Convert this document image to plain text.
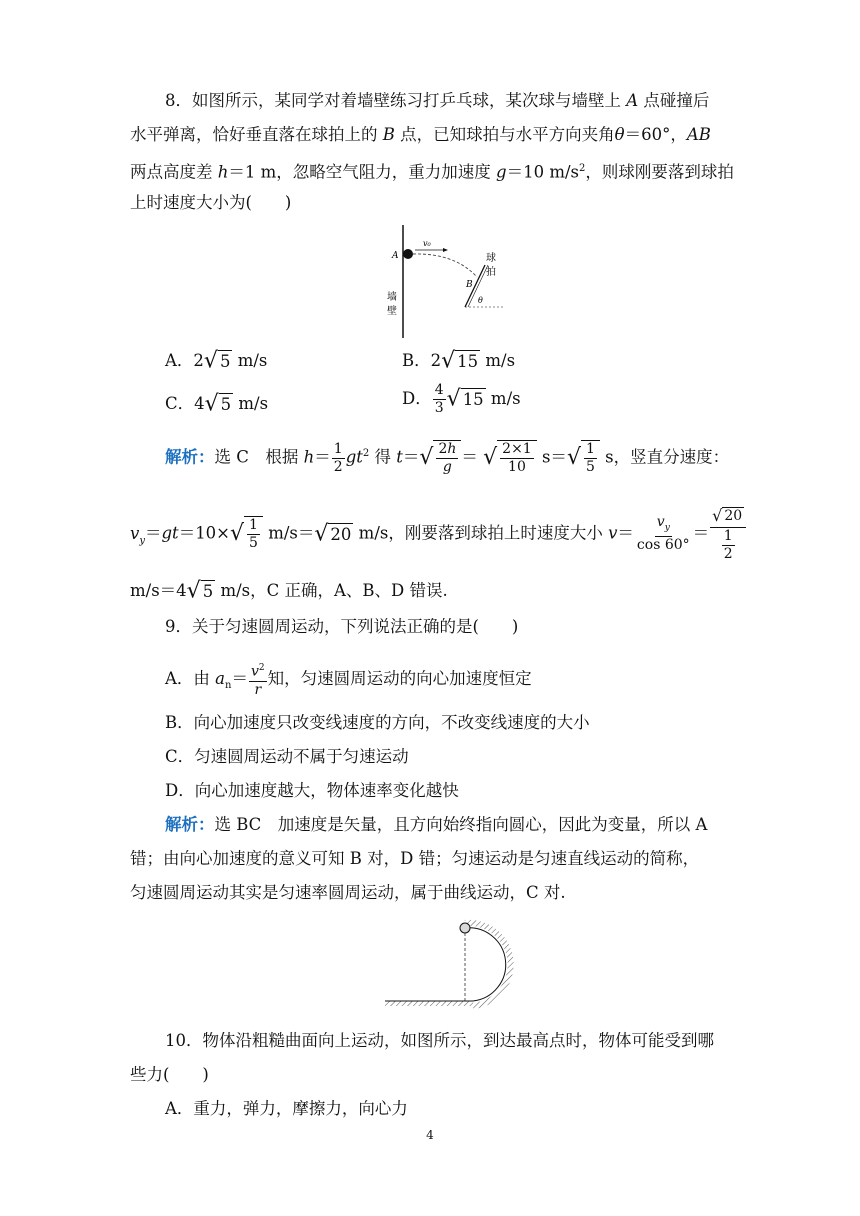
8．如图所示，某同学对着墙壁练习打乒乓球，某次球与墙壁上 A 点碰撞后
水平弹离，恰好垂直落在球拍上的 B 点，已知球拍与水平方向夹角θ＝60°，AB
两点高度差 h＝1 m，忽略空气阻力，重力加速度 g＝10 $m/s^2$，则球刚要落到球拍
上时速度大小为(　　)
A
v₀
B
θ
球
拍
墙
壁
A．2√ 5 m/s	B．2√ 15 m/s
C．4√ 5 m/s	D． $\frac{4}{3}$ √ 15 m/s
解析：选 C　根据 $h= \frac{1}{2} gt^2$ 得 $t=√ \frac{2h}{g}$ ＝ √ $\frac{2\times 1}{10} s=√ \frac{1}{5}$ s，竖直分速度：
$v_y=gt=10\times√ \frac{1}{5} m/s=√$ 20 m/s，刚要落到球拍上时速度大小 $v= \frac{v_y}{\cos 60^\circ} = \frac{√ 20}{\frac{1}{2}}$
m/s＝4√ 5 m/s，C 正确，A、B、D 错误.
9．关于匀速圆周运动，下列说法正确的是(　　)
A．由 $a_n= \frac{v^2}{r}$ 知，匀速圆周运动的向心加速度恒定
B．向心加速度只改变线速度的方向，不改变线速度的大小
C．匀速圆周运动不属于匀速运动
D．向心加速度越大，物体速率变化越快
解析：选 BC　加速度是矢量，且方向始终指向圆心，因此为变量，所以 A
错；由向心加速度的意义可知 B 对，D 错；匀速运动是匀速直线运动的简称，
匀速圆周运动其实是匀速率圆周运动，属于曲线运动，C 对.
10．物体沿粗糙曲面向上运动，如图所示，到达最高点时，物体可能受到哪
些力(　　)
A．重力，弹力，摩擦力，向心力
4
